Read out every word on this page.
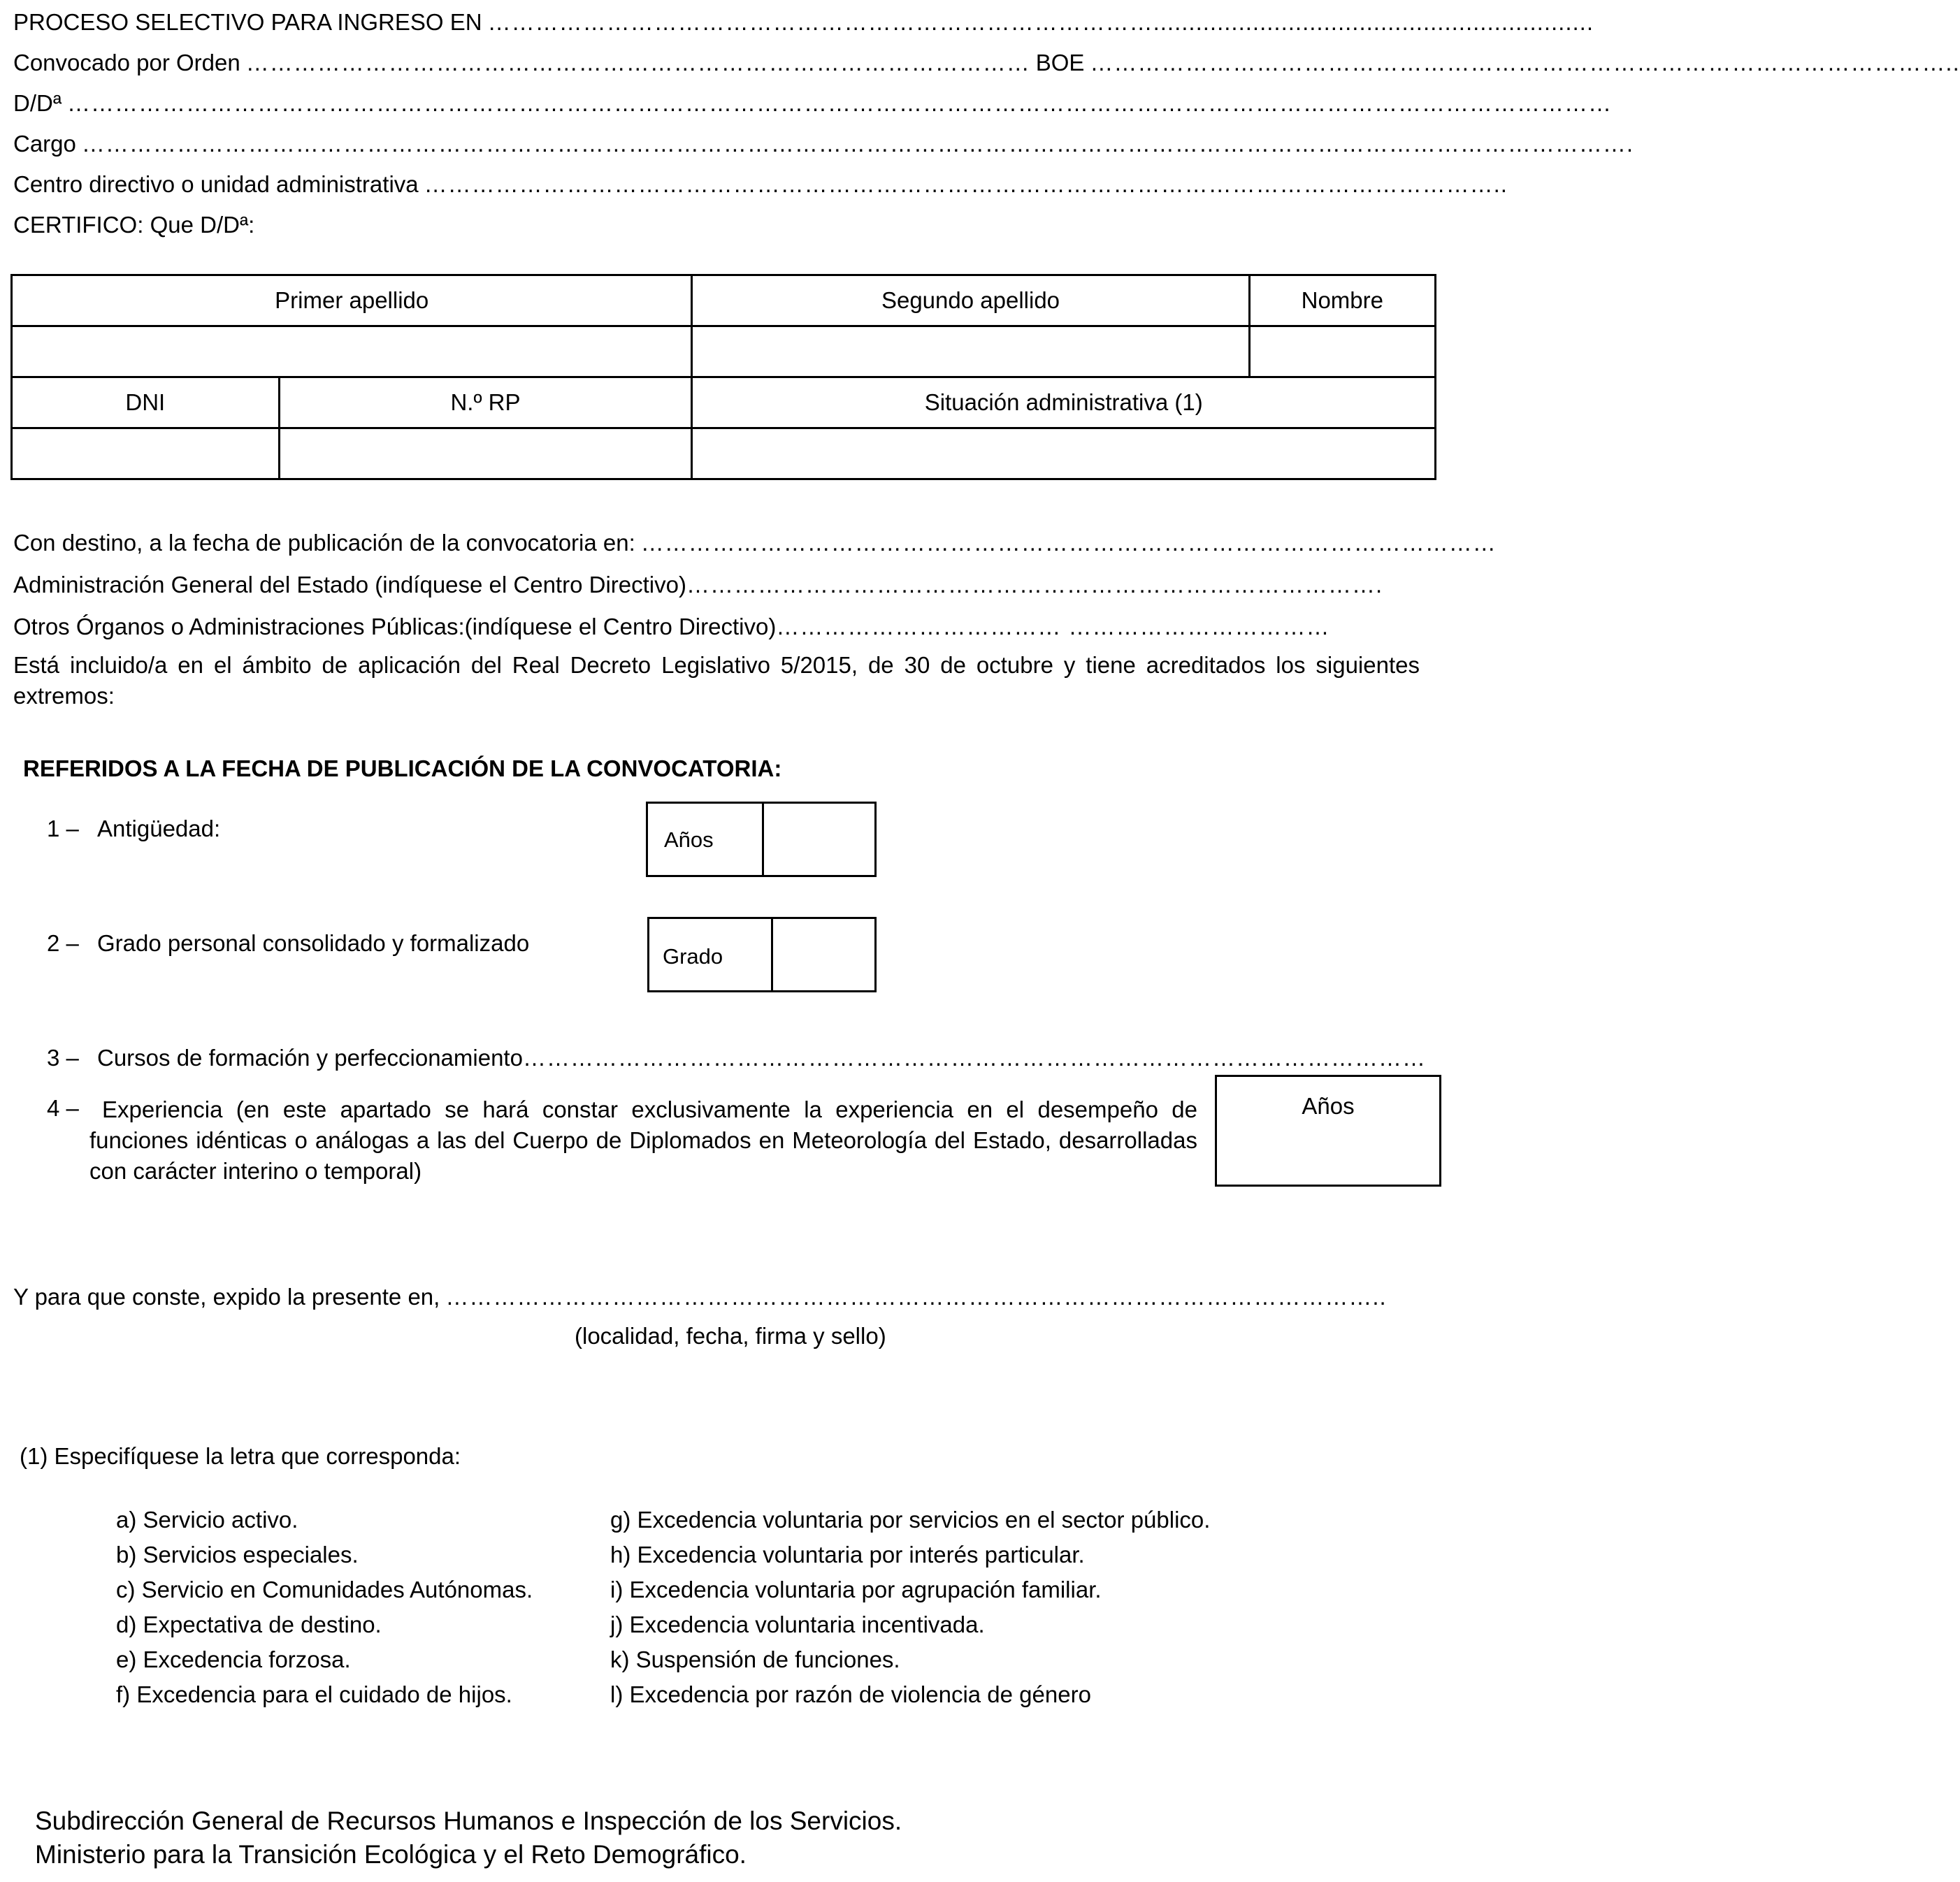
PROCESO SELECTIVO PARA INGRESO EN …………………………………………………………………………..............................................................
Convocado por Orden ……………………………………………………………………………………… BOE ………………………………………………………………………………………………..
D/Dª ……………………………………………………………………………………………………………………………………………………………………………
Cargo …………………………………………………………………………………………………………………………………………………………………………….
Centro directivo o unidad administrativa ………………………………………………………………………………………………………………………..
CERTIFICO: Que D/Dª:
Primer apellido		Segundo apellido	Nombre

DNI	N.º RP	Situación administrativa (1)	

Con destino, a la fecha de publicación de la convocatoria en: ………………………………………………………………………………………………
Administración General del Estado (indíquese el Centro Directivo) …………………………………………………………………………….
Otros Órganos o Administraciones Públicas:(indíquese el Centro Directivo) ……………………………… ……………………………
Está incluido/a en el ámbito de aplicación del Real Decreto Legislativo 5/2015, de 30 de octubre y tiene acreditados los siguientes extremos:
REFERIDOS A LA FECHA DE PUBLICACIÓN DE LA CONVOCATORIA:
1 – Antigüedad:	Años
2 – Grado personal consolidado y formalizado
Grado
3 – Cursos de formación y perfeccionamiento ……………………………………………………………………………………………………
4 –	Experiencia (en este apartado se hará constar exclusivamente la experiencia en el desempeño de funciones idénticas o análogas a las del Cuerpo de Diplomados en Meteorología del Estado, desarrolladas con carácter interino o temporal)
Años
Y para que conste, expido la presente en, ………………………………………………………………………………………………………..
(localidad, fecha, firma y sello)
(1) Especifíquese la letra que corresponda:
a) Servicio activo.
b) Servicios especiales.
c) Servicio en Comunidades Autónomas.
d) Expectativa de destino.
e) Excedencia forzosa.
f) Excedencia para el cuidado de hijos.
g) Excedencia voluntaria por servicios en el sector público.
h) Excedencia voluntaria por interés particular.
i) Excedencia voluntaria por agrupación familiar.
j) Excedencia voluntaria incentivada.
k) Suspensión de funciones.
l) Excedencia por razón de violencia de género
Subdirección General de Recursos Humanos e Inspección de los Servicios.
Ministerio para la Transición Ecológica y el Reto Demográfico.
